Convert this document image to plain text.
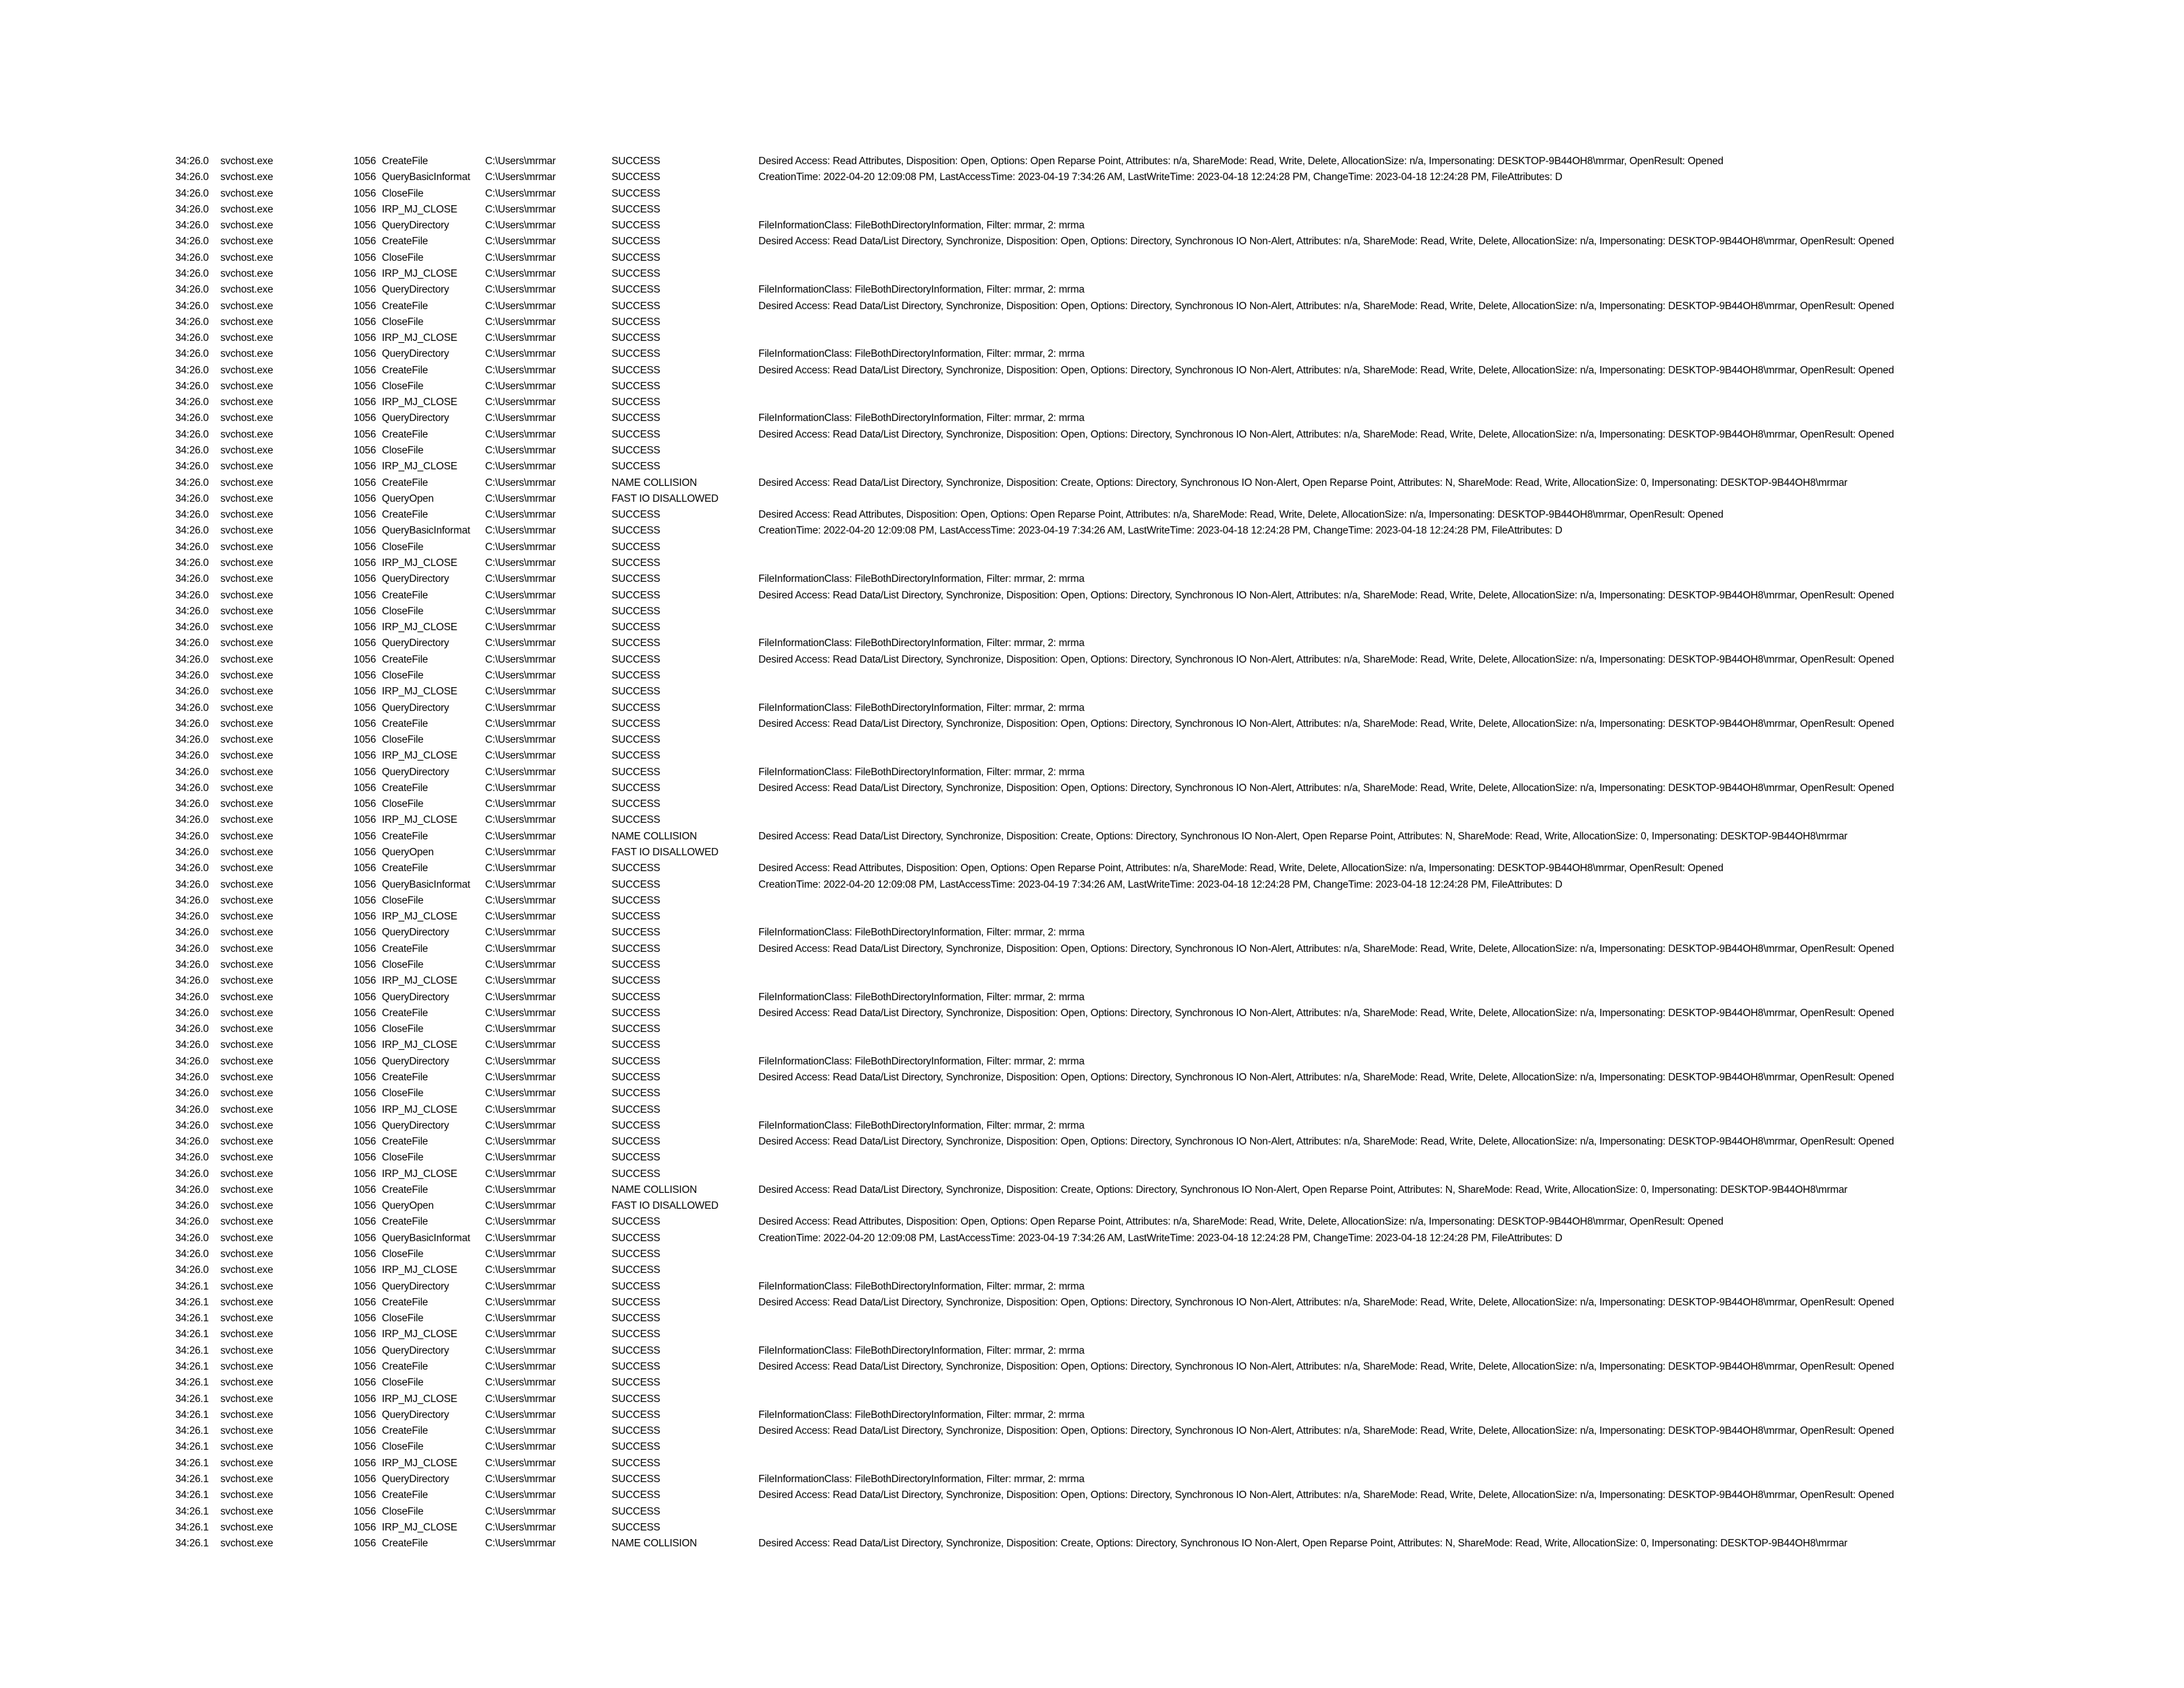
34:26.0	svchost.exe	1056 CreateFile	C:\Users\mrmar	SUCCESS	Desired Access: Read Attributes, Disposition: Open, Options: Open Reparse Point, Attributes: n/a, ShareMode: Read, Write, Delete, AllocationSize: n/a, Impersonating: DESKTOP-9B44OH8\mrmar, OpenResult: Opened
34:26.0	svchost.exe	1056 QueryBasicInformat	C:\Users\mrmar	SUCCESS	CreationTime: 2022-04-20 12:09:08 PM, LastAccessTime: 2023-04-19 7:34:26 AM, LastWriteTime: 2023-04-18 12:24:28 PM, ChangeTime: 2023-04-18 12:24:28 PM, FileAttributes: D
34:26.0	svchost.exe	1056 CloseFile	C:\Users\mrmar	SUCCESS
34:26.0	svchost.exe	1056 IRP_MJ_CLOSE	C:\Users\mrmar	SUCCESS
34:26.0	svchost.exe	1056 QueryDirectory	C:\Users\mrmar	SUCCESS	FileInformationClass: FileBothDirectoryInformation, Filter: mrmar, 2: mrma
34:26.0	svchost.exe	1056 CreateFile	C:\Users\mrmar	SUCCESS	Desired Access: Read Data/List Directory, Synchronize, Disposition: Open, Options: Directory, Synchronous IO Non-Alert, Attributes: n/a, ShareMode: Read, Write, Delete, AllocationSize: n/a, Impersonating: DESKTOP-9B44OH8\mrmar, OpenResult: Opened
34:26.0	svchost.exe	1056 CloseFile	C:\Users\mrmar	SUCCESS
34:26.0	svchost.exe	1056 IRP_MJ_CLOSE	C:\Users\mrmar	SUCCESS
34:26.0	svchost.exe	1056 QueryDirectory	C:\Users\mrmar	SUCCESS	FileInformationClass: FileBothDirectoryInformation, Filter: mrmar, 2: mrma
34:26.0	svchost.exe	1056 CreateFile	C:\Users\mrmar	SUCCESS	Desired Access: Read Data/List Directory, Synchronize, Disposition: Open, Options: Directory, Synchronous IO Non-Alert, Attributes: n/a, ShareMode: Read, Write, Delete, AllocationSize: n/a, Impersonating: DESKTOP-9B44OH8\mrmar, OpenResult: Opened
34:26.0	svchost.exe	1056 CloseFile	C:\Users\mrmar	SUCCESS
34:26.0	svchost.exe	1056 IRP_MJ_CLOSE	C:\Users\mrmar	SUCCESS
34:26.0	svchost.exe	1056 QueryDirectory	C:\Users\mrmar	SUCCESS	FileInformationClass: FileBothDirectoryInformation, Filter: mrmar, 2: mrma
34:26.0	svchost.exe	1056 CreateFile	C:\Users\mrmar	SUCCESS	Desired Access: Read Data/List Directory, Synchronize, Disposition: Open, Options: Directory, Synchronous IO Non-Alert, Attributes: n/a, ShareMode: Read, Write, Delete, AllocationSize: n/a, Impersonating: DESKTOP-9B44OH8\mrmar, OpenResult: Opened
34:26.0	svchost.exe	1056 CloseFile	C:\Users\mrmar	SUCCESS
34:26.0	svchost.exe	1056 IRP_MJ_CLOSE	C:\Users\mrmar	SUCCESS
34:26.0	svchost.exe	1056 QueryDirectory	C:\Users\mrmar	SUCCESS	FileInformationClass: FileBothDirectoryInformation, Filter: mrmar, 2: mrma
34:26.0	svchost.exe	1056 CreateFile	C:\Users\mrmar	SUCCESS	Desired Access: Read Data/List Directory, Synchronize, Disposition: Open, Options: Directory, Synchronous IO Non-Alert, Attributes: n/a, ShareMode: Read, Write, Delete, AllocationSize: n/a, Impersonating: DESKTOP-9B44OH8\mrmar, OpenResult: Opened
34:26.0	svchost.exe	1056 CloseFile	C:\Users\mrmar	SUCCESS
34:26.0	svchost.exe	1056 IRP_MJ_CLOSE	C:\Users\mrmar	SUCCESS
34:26.0	svchost.exe	1056 CreateFile	C:\Users\mrmar	NAME COLLISION	Desired Access: Read Data/List Directory, Synchronize, Disposition: Create, Options: Directory, Synchronous IO Non-Alert, Open Reparse Point, Attributes: N, ShareMode: Read, Write, AllocationSize: 0, Impersonating: DESKTOP-9B44OH8\mrmar
34:26.0	svchost.exe	1056 QueryOpen	C:\Users\mrmar	FAST IO DISALLOWED
34:26.0	svchost.exe	1056 CreateFile	C:\Users\mrmar	SUCCESS	Desired Access: Read Attributes, Disposition: Open, Options: Open Reparse Point, Attributes: n/a, ShareMode: Read, Write, Delete, AllocationSize: n/a, Impersonating: DESKTOP-9B44OH8\mrmar, OpenResult: Opened
34:26.0	svchost.exe	1056 QueryBasicInformat	C:\Users\mrmar	SUCCESS	CreationTime: 2022-04-20 12:09:08 PM, LastAccessTime: 2023-04-19 7:34:26 AM, LastWriteTime: 2023-04-18 12:24:28 PM, ChangeTime: 2023-04-18 12:24:28 PM, FileAttributes: D
34:26.0	svchost.exe	1056 CloseFile	C:\Users\mrmar	SUCCESS
34:26.0	svchost.exe	1056 IRP_MJ_CLOSE	C:\Users\mrmar	SUCCESS
34:26.0	svchost.exe	1056 QueryDirectory	C:\Users\mrmar	SUCCESS	FileInformationClass: FileBothDirectoryInformation, Filter: mrmar, 2: mrma
34:26.0	svchost.exe	1056 CreateFile	C:\Users\mrmar	SUCCESS	Desired Access: Read Data/List Directory, Synchronize, Disposition: Open, Options: Directory, Synchronous IO Non-Alert, Attributes: n/a, ShareMode: Read, Write, Delete, AllocationSize: n/a, Impersonating: DESKTOP-9B44OH8\mrmar, OpenResult: Opened
34:26.0	svchost.exe	1056 CloseFile	C:\Users\mrmar	SUCCESS
34:26.0	svchost.exe	1056 IRP_MJ_CLOSE	C:\Users\mrmar	SUCCESS
34:26.0	svchost.exe	1056 QueryDirectory	C:\Users\mrmar	SUCCESS	FileInformationClass: FileBothDirectoryInformation, Filter: mrmar, 2: mrma
34:26.0	svchost.exe	1056 CreateFile	C:\Users\mrmar	SUCCESS	Desired Access: Read Data/List Directory, Synchronize, Disposition: Open, Options: Directory, Synchronous IO Non-Alert, Attributes: n/a, ShareMode: Read, Write, Delete, AllocationSize: n/a, Impersonating: DESKTOP-9B44OH8\mrmar, OpenResult: Opened
34:26.0	svchost.exe	1056 CloseFile	C:\Users\mrmar	SUCCESS
34:26.0	svchost.exe	1056 IRP_MJ_CLOSE	C:\Users\mrmar	SUCCESS
34:26.0	svchost.exe	1056 QueryDirectory	C:\Users\mrmar	SUCCESS	FileInformationClass: FileBothDirectoryInformation, Filter: mrmar, 2: mrma
34:26.0	svchost.exe	1056 CreateFile	C:\Users\mrmar	SUCCESS	Desired Access: Read Data/List Directory, Synchronize, Disposition: Open, Options: Directory, Synchronous IO Non-Alert, Attributes: n/a, ShareMode: Read, Write, Delete, AllocationSize: n/a, Impersonating: DESKTOP-9B44OH8\mrmar, OpenResult: Opened
34:26.0	svchost.exe	1056 CloseFile	C:\Users\mrmar	SUCCESS
34:26.0	svchost.exe	1056 IRP_MJ_CLOSE	C:\Users\mrmar	SUCCESS
34:26.0	svchost.exe	1056 QueryDirectory	C:\Users\mrmar	SUCCESS	FileInformationClass: FileBothDirectoryInformation, Filter: mrmar, 2: mrma
34:26.0	svchost.exe	1056 CreateFile	C:\Users\mrmar	SUCCESS	Desired Access: Read Data/List Directory, Synchronize, Disposition: Open, Options: Directory, Synchronous IO Non-Alert, Attributes: n/a, ShareMode: Read, Write, Delete, AllocationSize: n/a, Impersonating: DESKTOP-9B44OH8\mrmar, OpenResult: Opened
34:26.0	svchost.exe	1056 CloseFile	C:\Users\mrmar	SUCCESS
34:26.0	svchost.exe	1056 IRP_MJ_CLOSE	C:\Users\mrmar	SUCCESS
34:26.0	svchost.exe	1056 CreateFile	C:\Users\mrmar	NAME COLLISION	Desired Access: Read Data/List Directory, Synchronize, Disposition: Create, Options: Directory, Synchronous IO Non-Alert, Open Reparse Point, Attributes: N, ShareMode: Read, Write, AllocationSize: 0, Impersonating: DESKTOP-9B44OH8\mrmar
34:26.0	svchost.exe	1056 QueryOpen	C:\Users\mrmar	FAST IO DISALLOWED
34:26.0	svchost.exe	1056 CreateFile	C:\Users\mrmar	SUCCESS	Desired Access: Read Attributes, Disposition: Open, Options: Open Reparse Point, Attributes: n/a, ShareMode: Read, Write, Delete, AllocationSize: n/a, Impersonating: DESKTOP-9B44OH8\mrmar, OpenResult: Opened
34:26.0	svchost.exe	1056 QueryBasicInformat	C:\Users\mrmar	SUCCESS	CreationTime: 2022-04-20 12:09:08 PM, LastAccessTime: 2023-04-19 7:34:26 AM, LastWriteTime: 2023-04-18 12:24:28 PM, ChangeTime: 2023-04-18 12:24:28 PM, FileAttributes: D
34:26.0	svchost.exe	1056 CloseFile	C:\Users\mrmar	SUCCESS
34:26.0	svchost.exe	1056 IRP_MJ_CLOSE	C:\Users\mrmar	SUCCESS
34:26.0	svchost.exe	1056 QueryDirectory	C:\Users\mrmar	SUCCESS	FileInformationClass: FileBothDirectoryInformation, Filter: mrmar, 2: mrma
34:26.0	svchost.exe	1056 CreateFile	C:\Users\mrmar	SUCCESS	Desired Access: Read Data/List Directory, Synchronize, Disposition: Open, Options: Directory, Synchronous IO Non-Alert, Attributes: n/a, ShareMode: Read, Write, Delete, AllocationSize: n/a, Impersonating: DESKTOP-9B44OH8\mrmar, OpenResult: Opened
34:26.0	svchost.exe	1056 CloseFile	C:\Users\mrmar	SUCCESS
34:26.0	svchost.exe	1056 IRP_MJ_CLOSE	C:\Users\mrmar	SUCCESS
34:26.0	svchost.exe	1056 QueryDirectory	C:\Users\mrmar	SUCCESS	FileInformationClass: FileBothDirectoryInformation, Filter: mrmar, 2: mrma
34:26.0	svchost.exe	1056 CreateFile	C:\Users\mrmar	SUCCESS	Desired Access: Read Data/List Directory, Synchronize, Disposition: Open, Options: Directory, Synchronous IO Non-Alert, Attributes: n/a, ShareMode: Read, Write, Delete, AllocationSize: n/a, Impersonating: DESKTOP-9B44OH8\mrmar, OpenResult: Opened
34:26.0	svchost.exe	1056 CloseFile	C:\Users\mrmar	SUCCESS
34:26.0	svchost.exe	1056 IRP_MJ_CLOSE	C:\Users\mrmar	SUCCESS
34:26.0	svchost.exe	1056 QueryDirectory	C:\Users\mrmar	SUCCESS	FileInformationClass: FileBothDirectoryInformation, Filter: mrmar, 2: mrma
34:26.0	svchost.exe	1056 CreateFile	C:\Users\mrmar	SUCCESS	Desired Access: Read Data/List Directory, Synchronize, Disposition: Open, Options: Directory, Synchronous IO Non-Alert, Attributes: n/a, ShareMode: Read, Write, Delete, AllocationSize: n/a, Impersonating: DESKTOP-9B44OH8\mrmar, OpenResult: Opened
34:26.0	svchost.exe	1056 CloseFile	C:\Users\mrmar	SUCCESS
34:26.0	svchost.exe	1056 IRP_MJ_CLOSE	C:\Users\mrmar	SUCCESS
34:26.0	svchost.exe	1056 QueryDirectory	C:\Users\mrmar	SUCCESS	FileInformationClass: FileBothDirectoryInformation, Filter: mrmar, 2: mrma
34:26.0	svchost.exe	1056 CreateFile	C:\Users\mrmar	SUCCESS	Desired Access: Read Data/List Directory, Synchronize, Disposition: Open, Options: Directory, Synchronous IO Non-Alert, Attributes: n/a, ShareMode: Read, Write, Delete, AllocationSize: n/a, Impersonating: DESKTOP-9B44OH8\mrmar, OpenResult: Opened
34:26.0	svchost.exe	1056 CloseFile	C:\Users\mrmar	SUCCESS
34:26.0	svchost.exe	1056 IRP_MJ_CLOSE	C:\Users\mrmar	SUCCESS
34:26.0	svchost.exe	1056 CreateFile	C:\Users\mrmar	NAME COLLISION	Desired Access: Read Data/List Directory, Synchronize, Disposition: Create, Options: Directory, Synchronous IO Non-Alert, Open Reparse Point, Attributes: N, ShareMode: Read, Write, AllocationSize: 0, Impersonating: DESKTOP-9B44OH8\mrmar
34:26.0	svchost.exe	1056 QueryOpen	C:\Users\mrmar	FAST IO DISALLOWED
34:26.0	svchost.exe	1056 CreateFile	C:\Users\mrmar	SUCCESS	Desired Access: Read Attributes, Disposition: Open, Options: Open Reparse Point, Attributes: n/a, ShareMode: Read, Write, Delete, AllocationSize: n/a, Impersonating: DESKTOP-9B44OH8\mrmar, OpenResult: Opened
34:26.0	svchost.exe	1056 QueryBasicInformat	C:\Users\mrmar	SUCCESS	CreationTime: 2022-04-20 12:09:08 PM, LastAccessTime: 2023-04-19 7:34:26 AM, LastWriteTime: 2023-04-18 12:24:28 PM, ChangeTime: 2023-04-18 12:24:28 PM, FileAttributes: D
34:26.0	svchost.exe	1056 CloseFile	C:\Users\mrmar	SUCCESS
34:26.0	svchost.exe	1056 IRP_MJ_CLOSE	C:\Users\mrmar	SUCCESS
34:26.1	svchost.exe	1056 QueryDirectory	C:\Users\mrmar	SUCCESS	FileInformationClass: FileBothDirectoryInformation, Filter: mrmar, 2: mrma
34:26.1	svchost.exe	1056 CreateFile	C:\Users\mrmar	SUCCESS	Desired Access: Read Data/List Directory, Synchronize, Disposition: Open, Options: Directory, Synchronous IO Non-Alert, Attributes: n/a, ShareMode: Read, Write, Delete, AllocationSize: n/a, Impersonating: DESKTOP-9B44OH8\mrmar, OpenResult: Opened
34:26.1	svchost.exe	1056 CloseFile	C:\Users\mrmar	SUCCESS
34:26.1	svchost.exe	1056 IRP_MJ_CLOSE	C:\Users\mrmar	SUCCESS
34:26.1	svchost.exe	1056 QueryDirectory	C:\Users\mrmar	SUCCESS	FileInformationClass: FileBothDirectoryInformation, Filter: mrmar, 2: mrma
34:26.1	svchost.exe	1056 CreateFile	C:\Users\mrmar	SUCCESS	Desired Access: Read Data/List Directory, Synchronize, Disposition: Open, Options: Directory, Synchronous IO Non-Alert, Attributes: n/a, ShareMode: Read, Write, Delete, AllocationSize: n/a, Impersonating: DESKTOP-9B44OH8\mrmar, OpenResult: Opened
34:26.1	svchost.exe	1056 CloseFile	C:\Users\mrmar	SUCCESS
34:26.1	svchost.exe	1056 IRP_MJ_CLOSE	C:\Users\mrmar	SUCCESS
34:26.1	svchost.exe	1056 QueryDirectory	C:\Users\mrmar	SUCCESS	FileInformationClass: FileBothDirectoryInformation, Filter: mrmar, 2: mrma
34:26.1	svchost.exe	1056 CreateFile	C:\Users\mrmar	SUCCESS	Desired Access: Read Data/List Directory, Synchronize, Disposition: Open, Options: Directory, Synchronous IO Non-Alert, Attributes: n/a, ShareMode: Read, Write, Delete, AllocationSize: n/a, Impersonating: DESKTOP-9B44OH8\mrmar, OpenResult: Opened
34:26.1	svchost.exe	1056 CloseFile	C:\Users\mrmar	SUCCESS
34:26.1	svchost.exe	1056 IRP_MJ_CLOSE	C:\Users\mrmar	SUCCESS
34:26.1	svchost.exe	1056 QueryDirectory	C:\Users\mrmar	SUCCESS	FileInformationClass: FileBothDirectoryInformation, Filter: mrmar, 2: mrma
34:26.1	svchost.exe	1056 CreateFile	C:\Users\mrmar	SUCCESS	Desired Access: Read Data/List Directory, Synchronize, Disposition: Open, Options: Directory, Synchronous IO Non-Alert, Attributes: n/a, ShareMode: Read, Write, Delete, AllocationSize: n/a, Impersonating: DESKTOP-9B44OH8\mrmar, OpenResult: Opened
34:26.1	svchost.exe	1056 CloseFile	C:\Users\mrmar	SUCCESS
34:26.1	svchost.exe	1056 IRP_MJ_CLOSE	C:\Users\mrmar	SUCCESS
34:26.1	svchost.exe	1056 CreateFile	C:\Users\mrmar	NAME COLLISION	Desired Access: Read Data/List Directory, Synchronize, Disposition: Create, Options: Directory, Synchronous IO Non-Alert, Open Reparse Point, Attributes: N, ShareMode: Read, Write, AllocationSize: 0, Impersonating: DESKTOP-9B44OH8\mrmar
